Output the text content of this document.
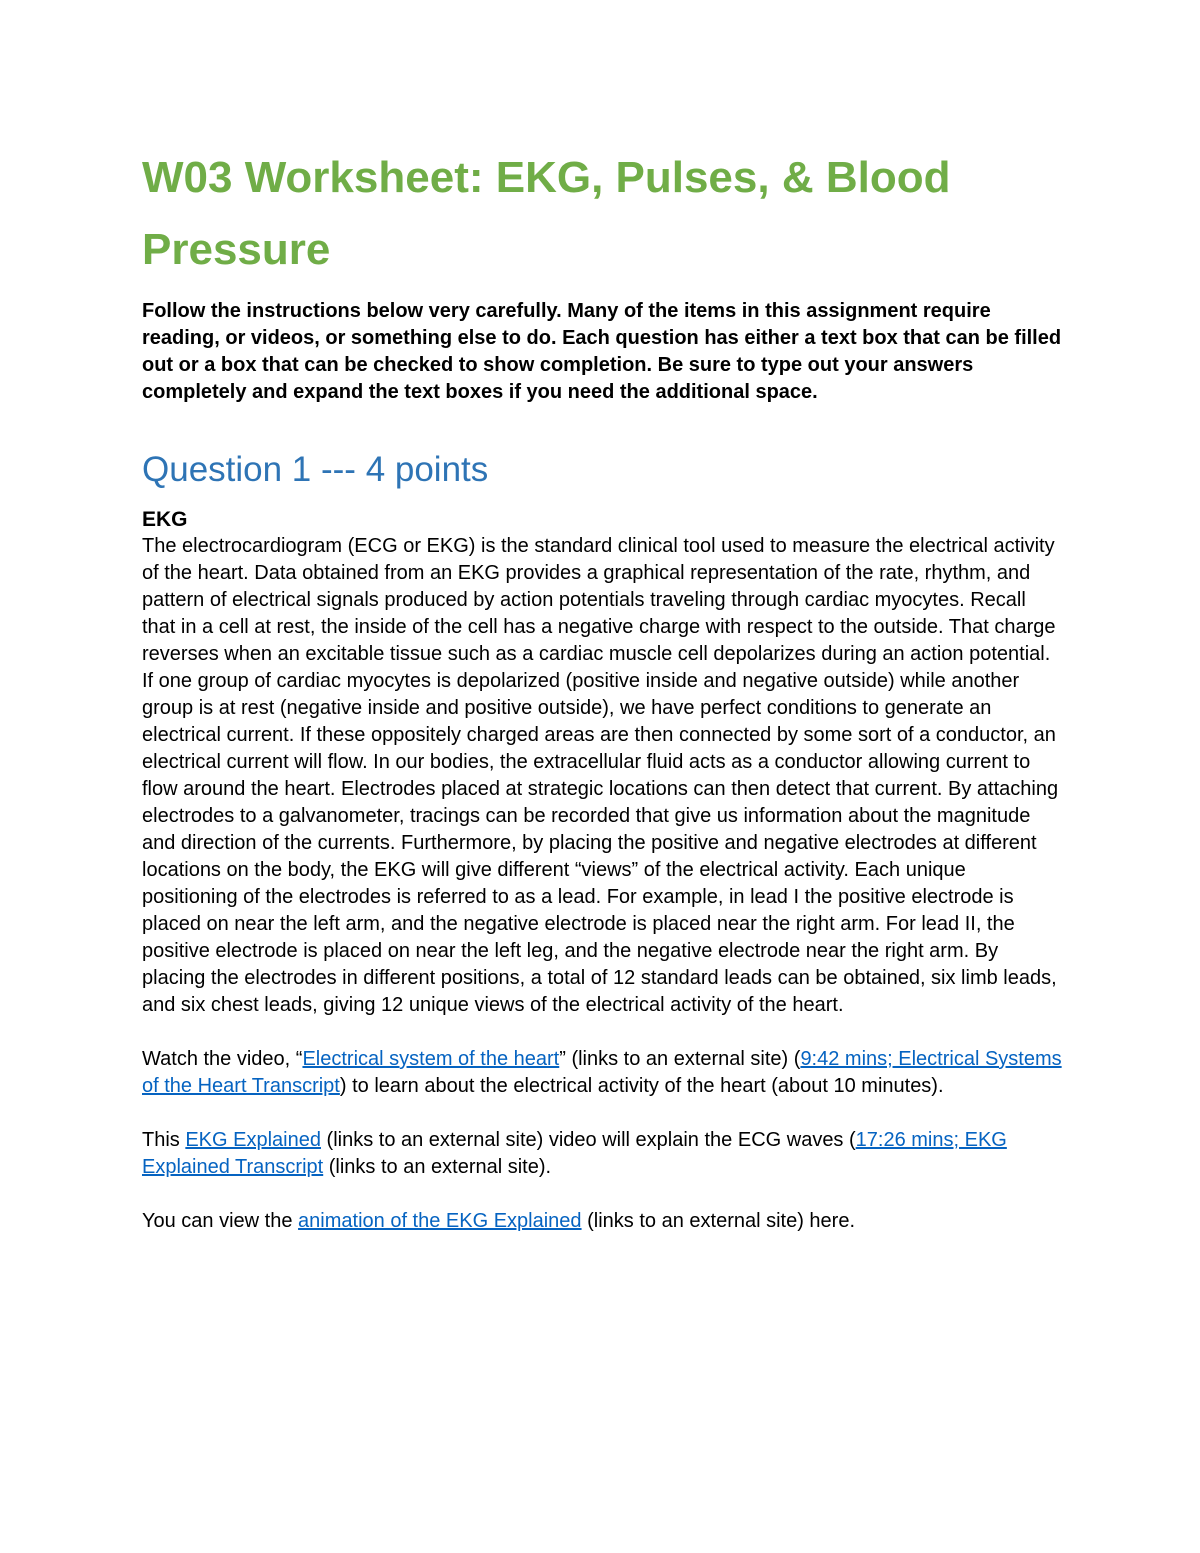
W03 Worksheet: EKG, Pulses, & Blood Pressure

Follow the instructions below very carefully. Many of the items in this assignment require reading, or videos, or something else to do. Each question has either a text box that can be filled out or a box that can be checked to show completion. Be sure to type out your answers completely and expand the text boxes if you need the additional space.

Question 1 --- 4 points
EKG

The electrocardiogram (ECG or EKG) is the standard clinical tool used to measure the electrical activity of the heart. Data obtained from an EKG provides a graphical representation of the rate, rhythm, and pattern of electrical signals produced by action potentials traveling through cardiac myocytes. Recall that in a cell at rest, the inside of the cell has a negative charge with respect to the outside. That charge reverses when an excitable tissue such as a cardiac muscle cell depolarizes during an action potential. If one group of cardiac myocytes is depolarized (positive inside and negative outside) while another group is at rest (negative inside and positive outside), we have perfect conditions to generate an electrical current. If these oppositely charged areas are then connected by some sort of a conductor, an electrical current will flow. In our bodies, the extracellular fluid acts as a conductor allowing current to flow around the heart. Electrodes placed at strategic locations can then detect that current. By attaching electrodes to a galvanometer, tracings can be recorded that give us information about the magnitude and direction of the currents. Furthermore, by placing the positive and negative electrodes at different locations on the body, the EKG will give different “views” of the electrical activity. Each unique positioning of the electrodes is referred to as a lead. For example, in lead I the positive electrode is placed on near the left arm, and the negative electrode is placed near the right arm. For lead II, the positive electrode is placed on near the left leg, and the negative electrode near the right arm. By placing the electrodes in different positions, a total of 12 standard leads can be obtained, six limb leads, and six chest leads, giving 12 unique views of the electrical activity of the heart.

Watch the video, “Electrical system of the heart” (links to an external site) (9:42 mins; Electrical Systems of the Heart Transcript) to learn about the electrical activity of the heart (about 10 minutes).

This EKG Explained (links to an external site) video will explain the ECG waves (17:26 mins; EKG Explained Transcript (links to an external site).

You can view the animation of the EKG Explained (links to an external site) here.
